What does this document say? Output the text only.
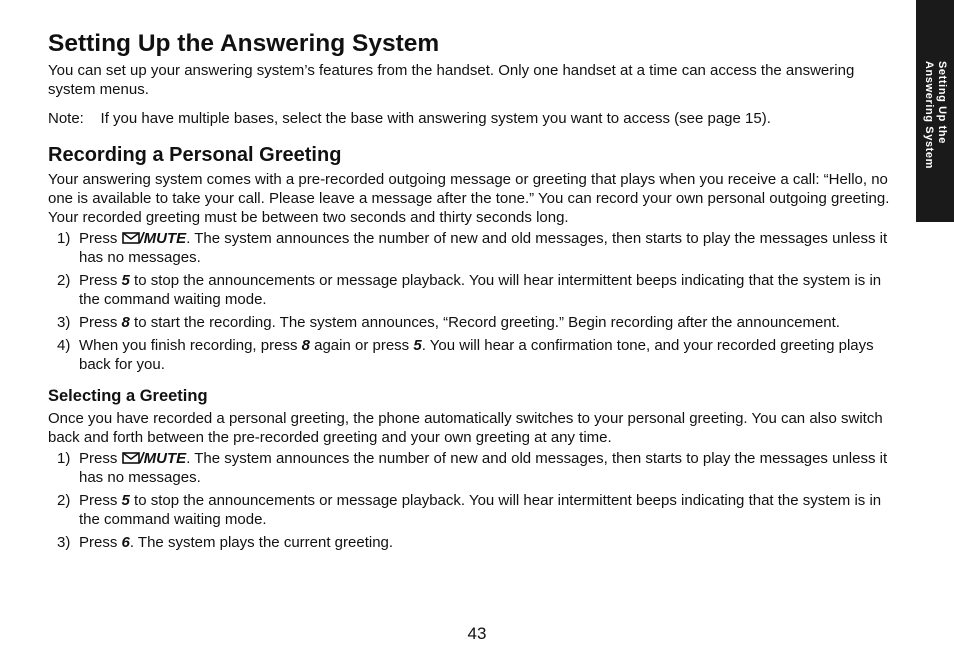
Setting Up the
Answering System
Setting Up the Answering System

You can set up your answering system’s features from the handset. Only one handset at a time can access the answering system menus.

Note: If you have multiple bases, select the base with answering system you want to access (see page 15).

Recording a Personal Greeting

Your answering system comes with a pre-recorded outgoing message or greeting that plays when you receive a call: “Hello, no one is available to take your call. Please leave a message after the tone.” You can record your own personal outgoing greeting. Your recorded greeting must be between two seconds and thirty seconds long.

1) Press /MUTE. The system announces the number of new and old messages, then starts to play the messages unless it has no messages.
2) Press 5 to stop the announcements or message playback. You will hear intermittent beeps indicating that the system is in the command waiting mode.
3) Press 8 to start the recording. The system announces, “Record greeting.” Begin recording after the announcement.
4) When you finish recording, press 8 again or press 5. You will hear a confirmation tone, and your recorded greeting plays back for you.
Selecting a Greeting

Once you have recorded a personal greeting, the phone automatically switches to your personal greeting. You can also switch back and forth between the pre-recorded greeting and your own greeting at any time.

1) Press /MUTE. The system announces the number of new and old messages, then starts to play the messages unless it has no messages.
2) Press 5 to stop the announcements or message playback. You will hear intermittent beeps indicating that the system is in the command waiting mode.
3) Press 6. The system plays the current greeting.
43
